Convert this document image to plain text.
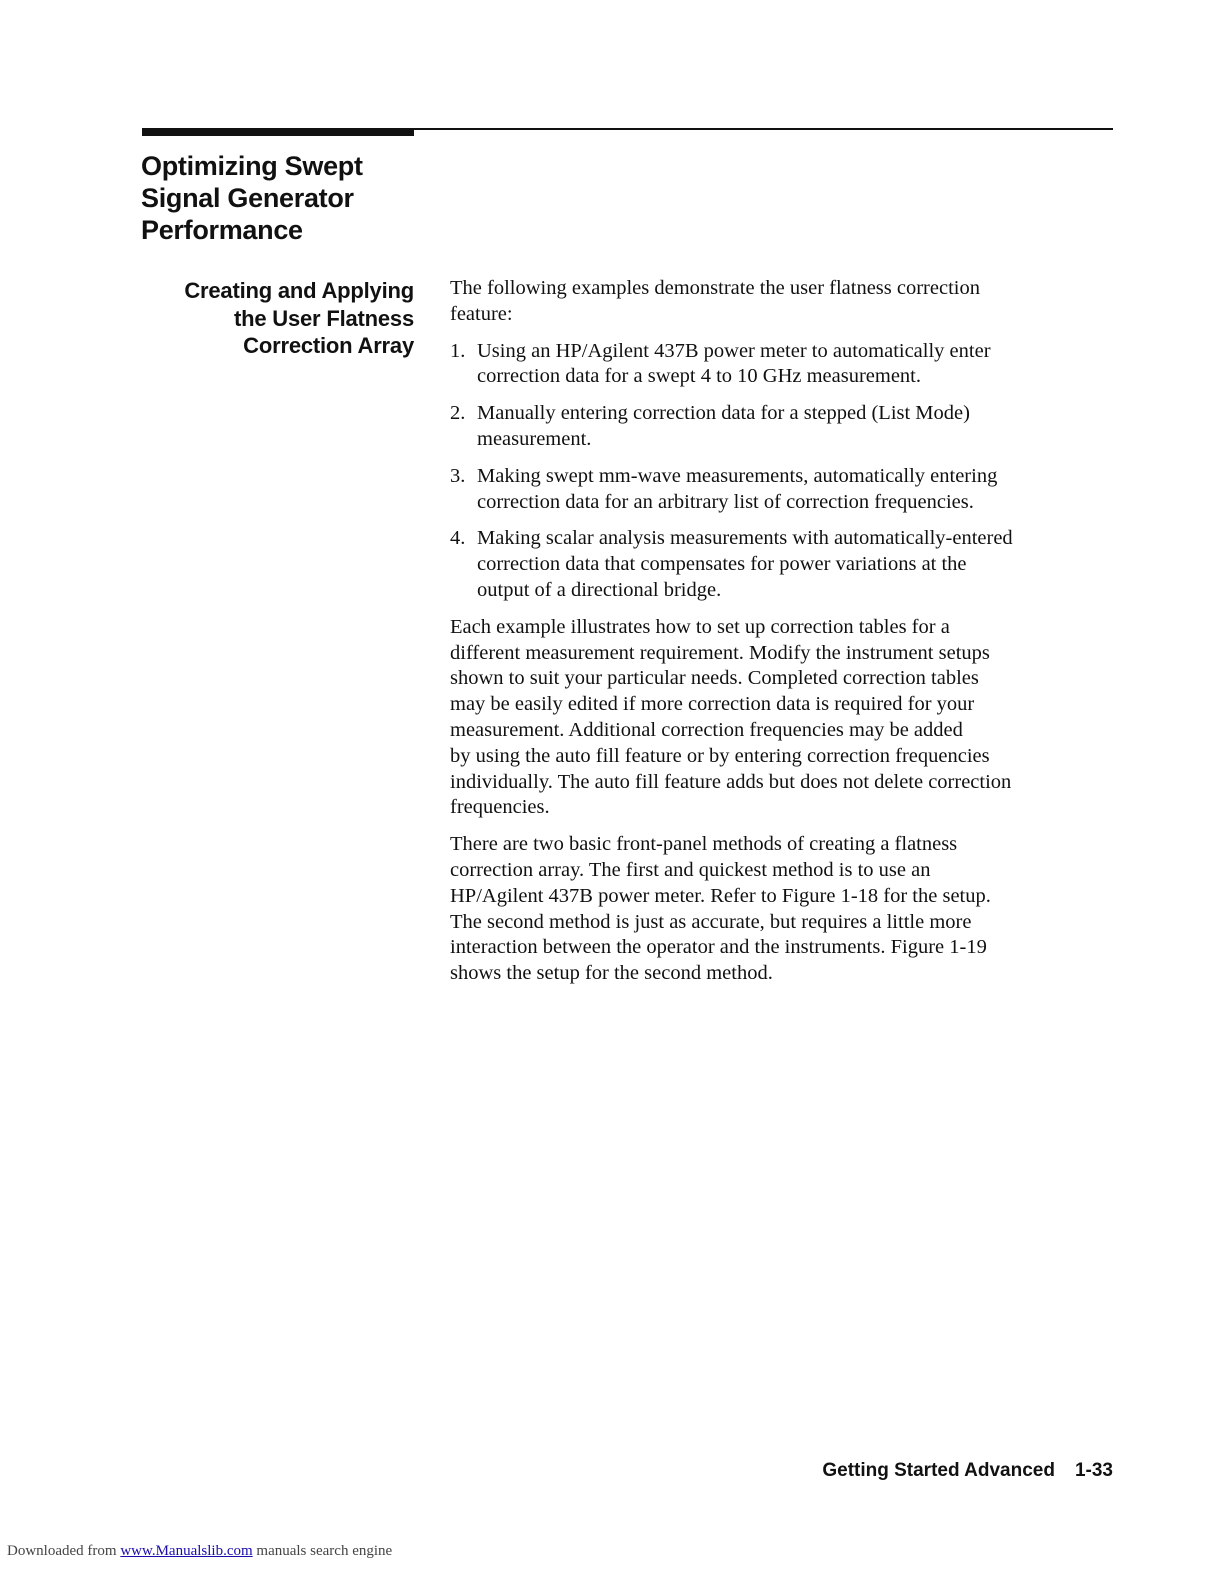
Optimizing Swept
Signal Generator
Performance
Creating and Applying
the User Flatness
Correction Array

The following examples demonstrate the user flatness correction
feature:

1. Using an HP/Agilent 437B power meter to automatically enter
correction data for a swept 4 to 10 GHz measurement.
2. Manually entering correction data for a stepped (List Mode)
measurement.
3. Making swept mm-wave measurements, automatically entering
correction data for an arbitrary list of correction frequencies.
4. Making scalar analysis measurements with automatically-entered
correction data that compensates for power variations at the
output of a directional bridge.

Each example illustrates how to set up correction tables for a
different measurement requirement. Modify the instrument setups
shown to suit your particular needs. Completed correction tables
may be easily edited if more correction data is required for your
measurement. Additional correction frequencies may be added
by using the auto fill feature or by entering correction frequencies
individually. The auto fill feature adds but does not delete correction
frequencies.

There are two basic front-panel methods of creating a flatness
correction array. The first and quickest method is to use an
HP/Agilent 437B power meter. Refer to Figure 1-18 for the setup.
The second method is just as accurate, but requires a little more
interaction between the operator and the instruments. Figure 1-19
shows the setup for the second method.

Getting Started Advanced 1-33
Downloaded from www.Manualslib.com manuals search engine
